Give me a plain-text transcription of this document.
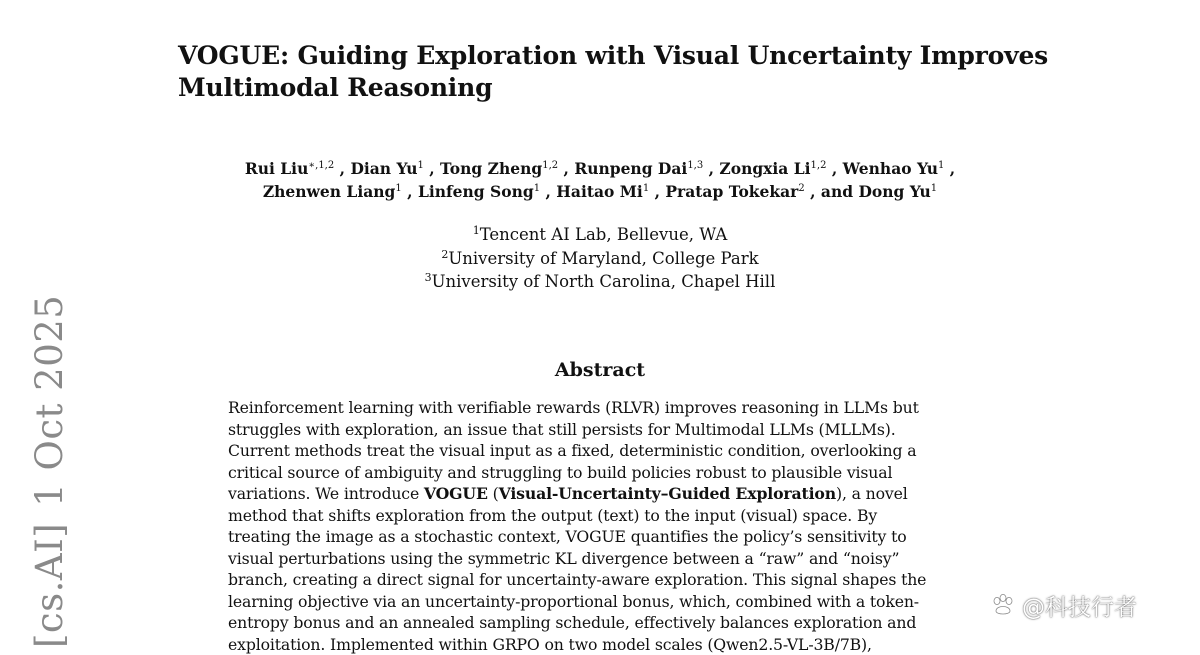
VOGUE: Guiding Exploration with Visual Uncertainty Improves
Multimodal Reasoning
Rui Liu$^{∗,1,2}$ , Dian Yu$^1$ , Tong Zheng$^{1,2}$ , Runpeng Dai$^{1,3}$ , Zongxia Li$^{1,2}$ , Wenhao Yu$^1$ ,
Zhenwen Liang$^1$ , Linfeng Song$^1$ , Haitao Mi$^1$ , Pratap Tokekar$^2$ , and Dong Yu$^1$
$^1$Tencent AI Lab, Bellevue, WA
$^2$University of Maryland, College Park
$^3$University of North Carolina, Chapel Hill
Abstract
Reinforcement learning with verifiable rewards (RLVR) improves reasoning in LLMs but
struggles with exploration, an issue that still persists for Multimodal LLMs (MLLMs).
Current methods treat the visual input as a fixed, deterministic condition, overlooking a
critical source of ambiguity and struggling to build policies robust to plausible visual
variations. We introduce VOGUE (Visual-Uncertainty–Guided Exploration), a novel
method that shifts exploration from the output (text) to the input (visual) space. By
treating the image as a stochastic context, VOGUE quantifies the policy’s sensitivity to
visual perturbations using the symmetric KL divergence between a “raw” and “noisy”
branch, creating a direct signal for uncertainty-aware exploration. This signal shapes the
learning objective via an uncertainty-proportional bonus, which, combined with a token-
entropy bonus and an annealed sampling schedule, effectively balances exploration and
exploitation. Implemented within GRPO on two model scales (Qwen2.5-VL-3B/7B),
[cs.AI]1 Oct 2025
@科技行者
